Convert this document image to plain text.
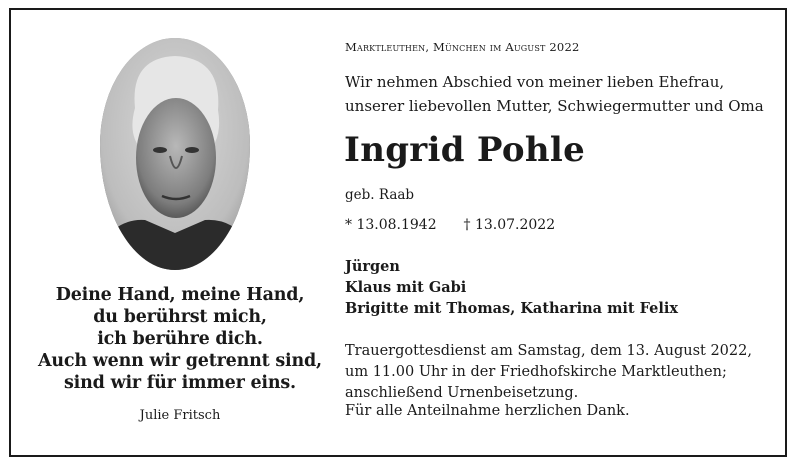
Deine Hand, meine Hand,
du berührst mich,
ich berühre dich.
Auch wenn wir getrennt sind,
sind wir für immer eins.
Julie Fritsch
Marktleuthen, München im August 2022
Wir nehmen Abschied von meiner lieben Ehefrau,
unserer liebevollen Mutter, Schwiegermutter und Oma
Ingrid Pohle
geb. Raab
* 13.08.1942 † 13.07.2022
Jürgen
Klaus mit Gabi
Brigitte mit Thomas, Katharina mit Felix
Trauergottesdienst am Samstag, dem 13. August 2022,
um 11.00 Uhr in der Friedhofskirche Marktleuthen;
anschließend Urnenbeisetzung.
Für alle Anteilnahme herzlichen Dank.
